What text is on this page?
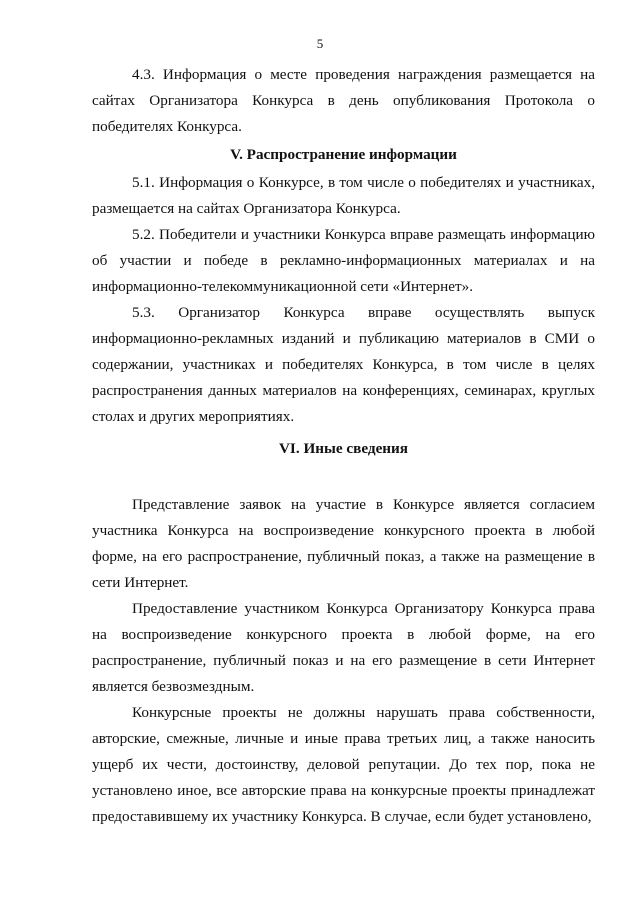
5

4.3. Информация о месте проведения награждения размещается на сайтах Организатора Конкурса в день опубликования Протокола о победителях Конкурса.

V. Распространение информации

5.1. Информация о Конкурсе, в том числе о победителях и участниках, размещается на сайтах Организатора Конкурса.

5.2. Победители и участники Конкурса вправе размещать информацию об участии и победе в рекламно-информационных материалах и на информационно-телекоммуникационной сети «Интернет».

5.3. Организатор Конкурса вправе осуществлять выпуск информационно-рекламных изданий и публикацию материалов в СМИ о содержании, участниках и победителях Конкурса, в том числе в целях распространения данных материалов на конференциях, семинарах, круглых столах и других мероприятиях.

VI. Иные сведения

Представление заявок на участие в Конкурсе является согласием участника Конкурса на воспроизведение конкурсного проекта в любой форме, на его распространение, публичный показ, а также на размещение в сети Интернет.

Предоставление участником Конкурса Организатору Конкурса права на воспроизведение конкурсного проекта в любой форме, на его распространение, публичный показ и на его размещение в сети Интернет является безвозмездным.

Конкурсные проекты не должны нарушать права собственности, авторские, смежные, личные и иные права третьих лиц, а также наносить ущерб их чести, достоинству, деловой репутации. До тех пор, пока не установлено иное, все авторские права на конкурсные проекты принадлежат предоставившему их участнику Конкурса. В случае, если будет установлено,
